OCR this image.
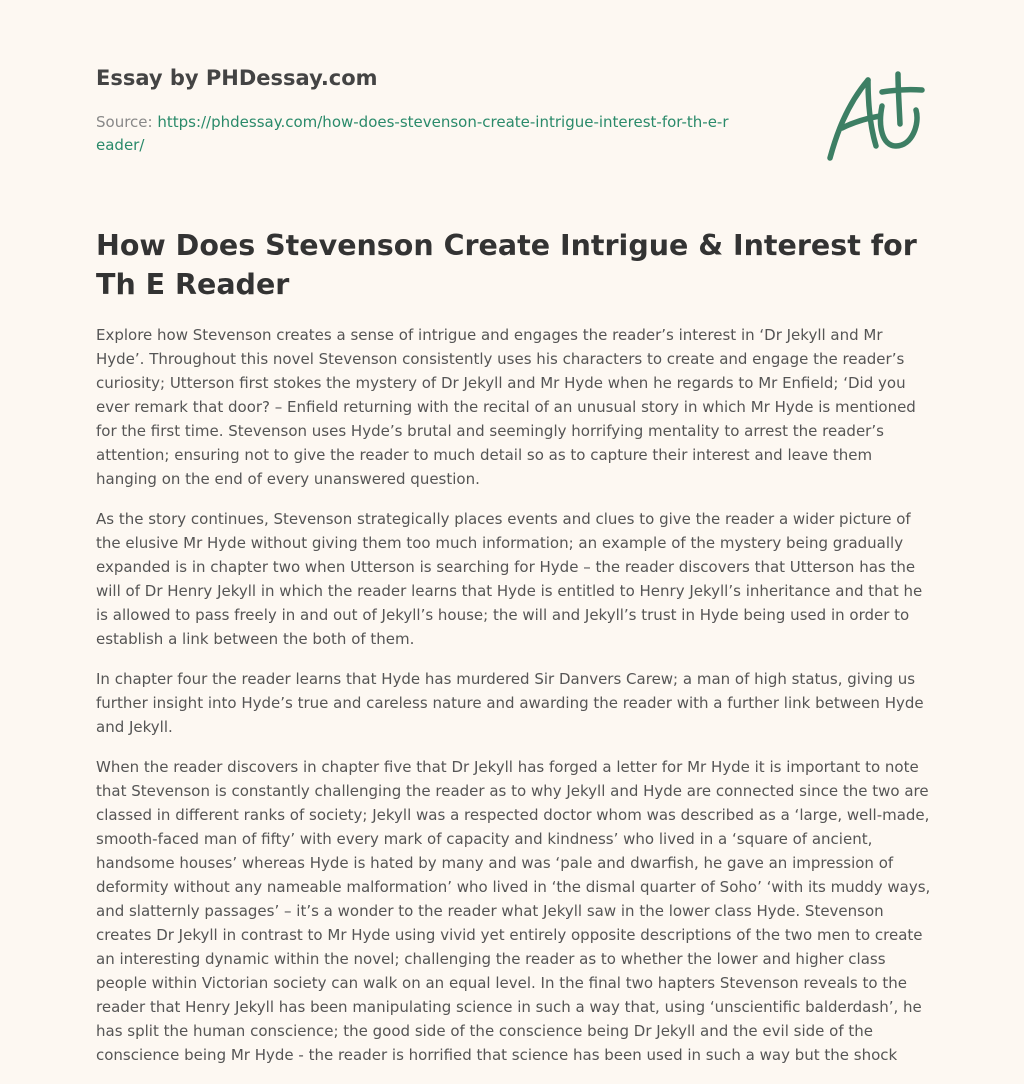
Essay by PHDessay.com

Source: https://phdessay.com/how-does-stevenson-create-intrigue-interest-for-th-e-reader/

How Does Stevenson Create Intrigue & Interest for Th E Reader

Explore how Stevenson creates a sense of intrigue and engages the reader’s interest in ‘Dr Jekyll and Mr Hyde’. Throughout this novel Stevenson consistently uses his characters to create and engage the reader’s curiosity; Utterson first stokes the mystery of Dr Jekyll and Mr Hyde when he regards to Mr Enfield; ‘Did you ever remark that door? – Enfield returning with the recital of an unusual story in which Mr Hyde is mentioned for the first time. Stevenson uses Hyde’s brutal and seemingly horrifying mentality to arrest the reader’s attention; ensuring not to give the reader to much detail so as to capture their interest and leave them hanging on the end of every unanswered question.

As the story continues, Stevenson strategically places events and clues to give the reader a wider picture of the elusive Mr Hyde without giving them too much information; an example of the mystery being gradually expanded is in chapter two when Utterson is searching for Hyde – the reader discovers that Utterson has the will of Dr Henry Jekyll in which the reader learns that Hyde is entitled to Henry Jekyll’s inheritance and that he is allowed to pass freely in and out of Jekyll’s house; the will and Jekyll’s trust in Hyde being used in order to establish a link between the both of them.

In chapter four the reader learns that Hyde has murdered Sir Danvers Carew; a man of high status, giving us further insight into Hyde’s true and careless nature and awarding the reader with a further link between Hyde and Jekyll.

When the reader discovers in chapter five that Dr Jekyll has forged a letter for Mr Hyde it is important to note that Stevenson is constantly challenging the reader as to why Jekyll and Hyde are connected since the two are classed in different ranks of society; Jekyll was a respected doctor whom was described as a ‘large, well-made, smooth-faced man of fifty’ with every mark of capacity and kindness’ who lived in a ‘square of ancient, handsome houses’ whereas Hyde is hated by many and was ‘pale and dwarfish, he gave an impression of deformity without any nameable malformation’ who lived in ‘the dismal quarter of Soho’ ‘with its muddy ways, and slatternly passages’ – it’s a wonder to the reader what Jekyll saw in the lower class Hyde. Stevenson creates Dr Jekyll in contrast to Mr Hyde using vivid yet entirely opposite descriptions of the two men to create an interesting dynamic within the novel; challenging the reader as to whether the lower and higher class people within Victorian society can walk on an equal level. In the final two hapters Stevenson reveals to the reader that Henry Jekyll has been manipulating science in such a way that, using ‘unscientific balderdash’, he has split the human conscience; the good side of the conscience being Dr Jekyll and the evil side of the conscience being Mr Hyde - the reader is horrified that science has been used in such a way but the shock
